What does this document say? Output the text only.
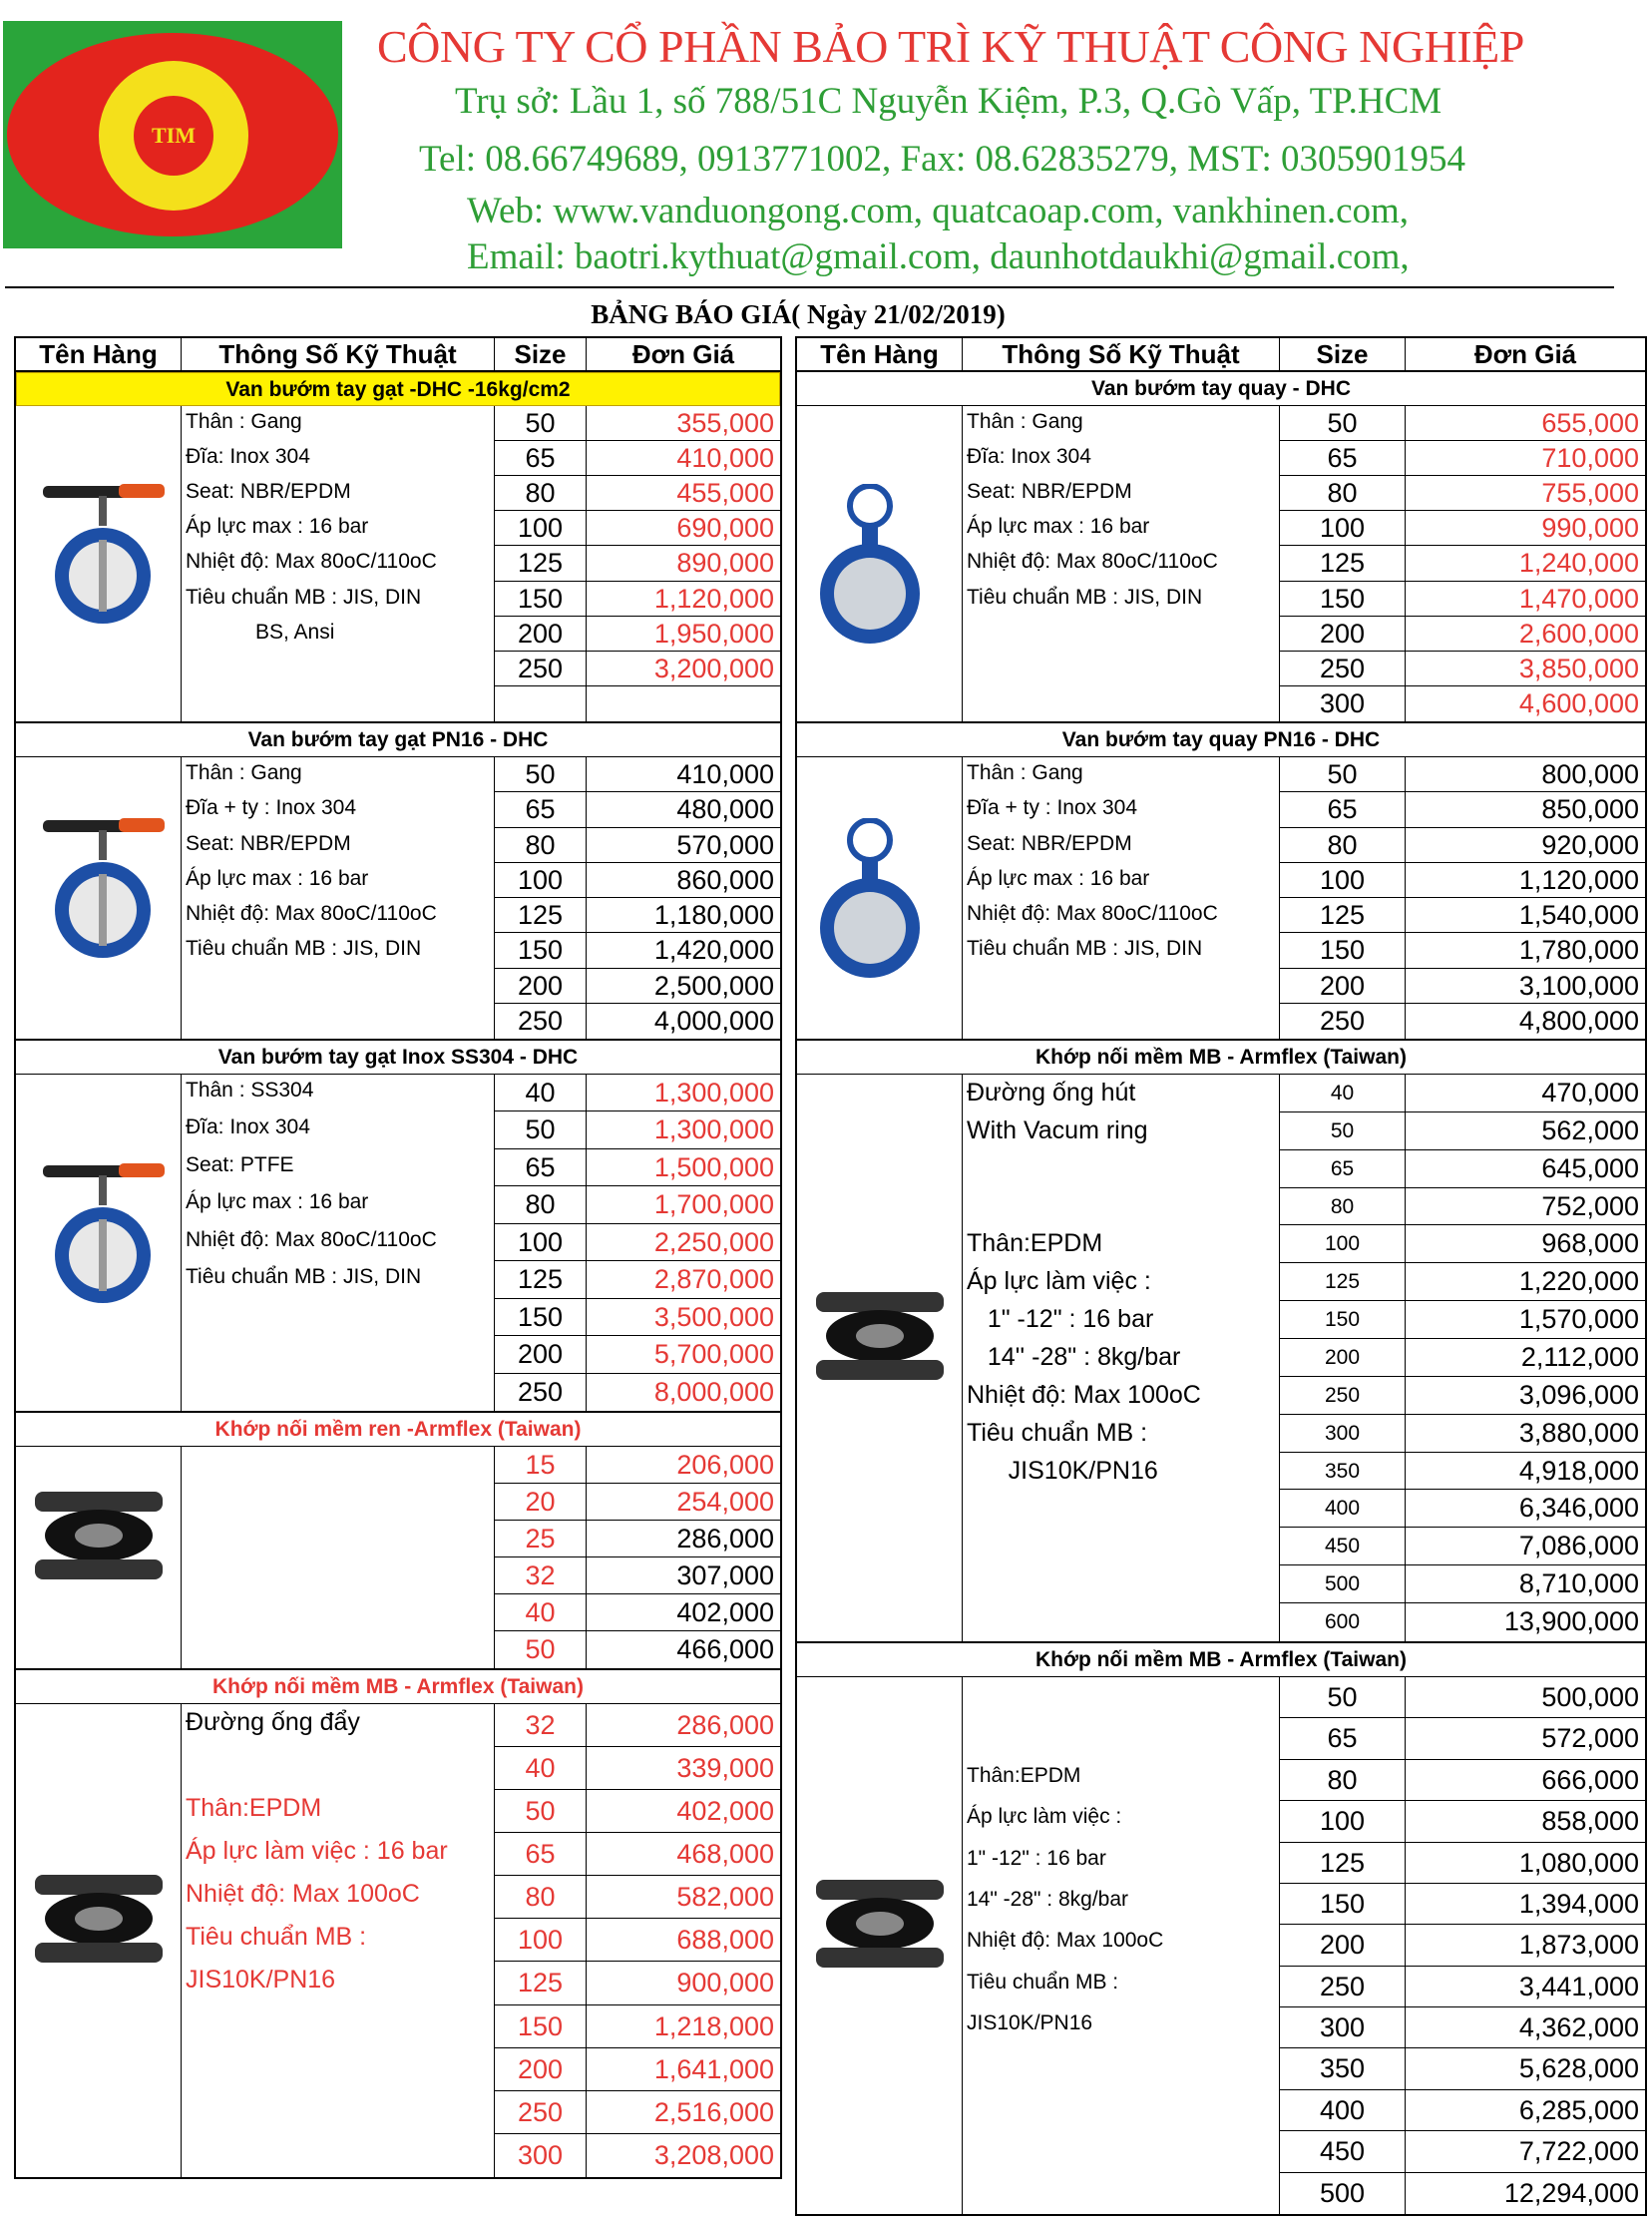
TIM
CÔNG TY CỔ PHẦN BẢO TRÌ KỸ THUẬT CÔNG NGHIỆP
Trụ sở: Lầu 1, số 788/51C Nguyễn Kiệm, P.3, Q.Gò Vấp, TP.HCM
Tel: 08.66749689, 0913771002, Fax: 08.62835279, MST: 0305901954
Web: www.vanduongong.com, quatcaoap.com, vankhinen.com,
Email: baotri.kythuat@gmail.com, daunhotdaukhi@gmail.com,
BẢNG BÁO GIÁ( Ngày 21/02/2019)
Tên Hàng	Thông Số Kỹ Thuật	Size	Đơn Giá	Tên Hàng	Thông Số Kỹ Thuật	Size	Đơn Giá
Van bướm tay gạt -DHC -16kg/cm2
Thân : Gang
Đĩa: Inox 304
Seat: NBR/EPDM
Áp lực max : 16 bar
Nhiệt độ: Max 80oC/110oC
Tiêu chuẩn MB : JIS, DIN
BS, Ansi
50	355,000
65	410,000
80	455,000
100	690,000
125	890,000
150	1,120,000
200	1,950,000
250	3,200,000
Van bướm tay gạt PN16 - DHC
Thân : Gang
Đĩa + ty : Inox 304
Seat: NBR/EPDM
Áp lực max : 16 bar
Nhiệt độ: Max 80oC/110oC
Tiêu chuẩn MB : JIS, DIN
50	410,000
65	480,000
80	570,000
100	860,000
125	1,180,000
150	1,420,000
200	2,500,000
250	4,000,000
Van bướm tay gạt Inox SS304 - DHC
Thân : SS304
Đĩa: Inox 304
Seat: PTFE
Áp lực max : 16 bar
Nhiệt độ: Max 80oC/110oC
Tiêu chuẩn MB : JIS, DIN
40	1,300,000
50	1,300,000
65	1,500,000
80	1,700,000
100	2,250,000
125	2,870,000
150	3,500,000
200	5,700,000
250	8,000,000
Khớp nối mềm ren -Armflex (Taiwan)
15	206,000
20	254,000
25	286,000
32	307,000
40	402,000
50	466,000
Khớp nối mềm MB - Armflex (Taiwan)
Đường ống đẩy
Thân:EPDM
Áp lực làm việc : 16 bar
Nhiệt độ: Max 100oC
Tiêu chuẩn MB :
JIS10K/PN16
32	286,000
40	339,000
50	402,000
65	468,000
80	582,000
100	688,000
125	900,000
150	1,218,000
200	1,641,000
250	2,516,000
300	3,208,000
Van bướm tay quay - DHC
Thân : Gang
Đĩa: Inox 304
Seat: NBR/EPDM
Áp lực max : 16 bar
Nhiệt độ: Max 80oC/110oC
Tiêu chuẩn MB : JIS, DIN
50	655,000
65	710,000
80	755,000
100	990,000
125	1,240,000
150	1,470,000
200	2,600,000
250	3,850,000
300	4,600,000
Van bướm tay quay PN16 - DHC
Thân : Gang
Đĩa + ty : Inox 304
Seat: NBR/EPDM
Áp lực max : 16 bar
Nhiệt độ: Max 80oC/110oC
Tiêu chuẩn MB : JIS, DIN
50	800,000
65	850,000
80	920,000
100	1,120,000
125	1,540,000
150	1,780,000
200	3,100,000
250	4,800,000
Khớp nối mềm MB - Armflex (Taiwan)
Đường ống hút
With Vacum ring
Thân:EPDM
Áp lực làm việc :
1" -12" : 16 bar
14'' -28" : 8kg/bar
Nhiệt độ: Max 100oC
Tiêu chuẩn MB :
JIS10K/PN16
40	470,000
50	562,000
65	645,000
80	752,000
100	968,000
125	1,220,000
150	1,570,000
200	2,112,000
250	3,096,000
300	3,880,000
350	4,918,000
400	6,346,000
450	7,086,000
500	8,710,000
600	13,900,000
Khớp nối mềm MB - Armflex (Taiwan)
Thân:EPDM
Áp lực làm việc :
1" -12" : 16 bar
14" -28" : 8kg/bar
Nhiệt độ: Max 100oC
Tiêu chuẩn MB :
JIS10K/PN16
50	500,000
65	572,000
80	666,000
100	858,000
125	1,080,000
150	1,394,000
200	1,873,000
250	3,441,000
300	4,362,000
350	5,628,000
400	6,285,000
450	7,722,000
500	12,294,000
